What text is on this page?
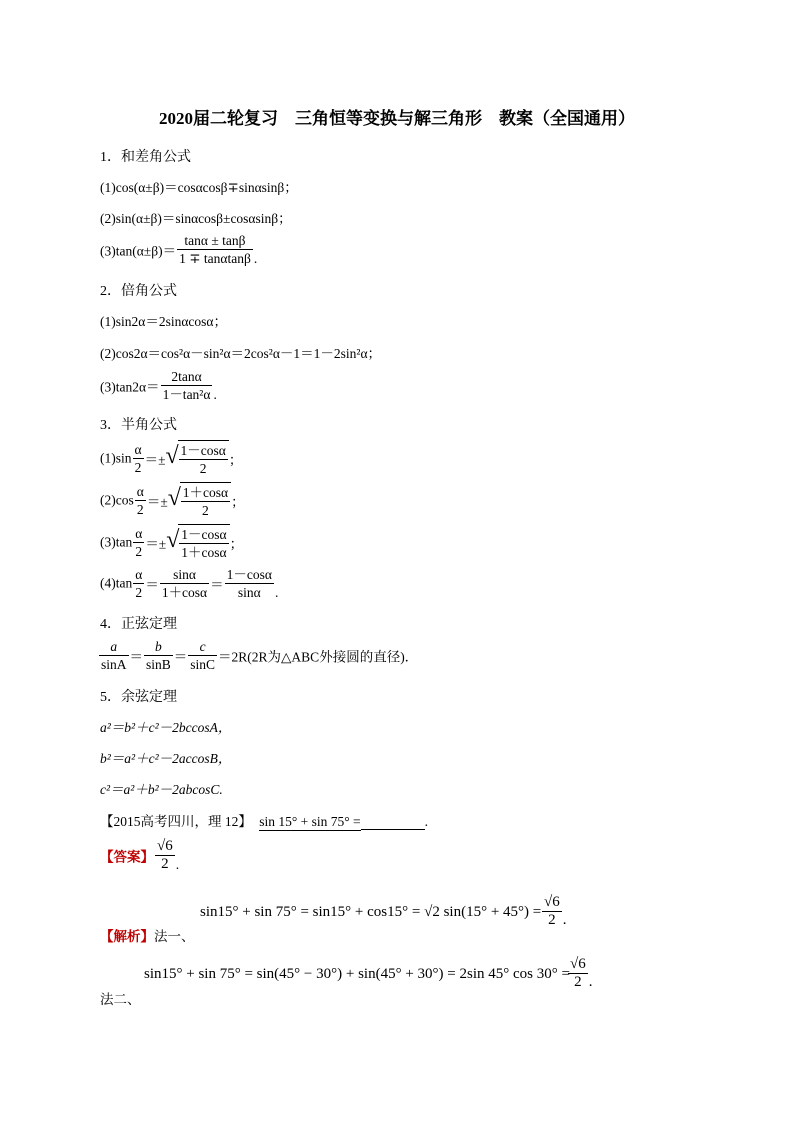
2020届二轮复习　三角恒等变换与解三角形　教案（全国通用）
1．和差角公式
(1)cos(α±β)＝cosαcosβ∓sinαsinβ；
(2)sin(α±β)＝sinαcosβ±cosαsinβ；
$(3)\tan(\alpha\pm\beta)= \frac{\tan\alpha \pm \tan\beta}{1 \mp \tan\alpha\tan\beta}$ .
2．倍角公式
(1)sin2α＝2sinαcosα；
(2)cos2α＝cos²α－sin²α＝2cos²α－1＝1－2sin²α；
$(3)\tan 2\alpha= \frac{2\tan\alpha}{\text{1－tan²α}}$ .
3．半角公式
$(1)\sin \frac{\alpha}{2}$ ＝± √ $\frac{1-\cos\alpha}{2}$ ；
$(2)\cos \frac{\alpha}{2}$ ＝± √ $\frac{1+\cos\alpha}{2}$ ；
$(3)\tan \frac{\alpha}{2}$ ＝± √ $\frac{1-\cos\alpha}{1+\cos\alpha}$ ；
$(4)\tan \frac{\alpha}{2} = \frac{\sin\alpha}{1+\cos\alpha} = \frac{1-\cos\alpha}{\sin\alpha}$ .
4．正弦定理
$\frac{a}{\sin A} = \frac{b}{\sin B} = \frac{c}{\sin C} =2R(2R$为△ABC外接圆的直径)．
5．余弦定理
a²＝b²＋c²－2bccosA，
b²＝a²＋c²－2accosB，
c²＝a²＋b²－2abcosC.
【2015高考四川，理 12】 sin 15° + sin 75° =	.
【答案】 $\frac{√6}{2}$ .
sin15° + sin 75° = sin15° + cos15° = √2 $\sin(15^\circ + 45^\circ) = \frac{√6}{2}$ .
【解析】法一、
sin15° + sin 75° = sin(45° − 30°) + sin(45° + 30°) = 2sin 45° cos 30° =
$\frac{√6}{2}$ .
法二、
